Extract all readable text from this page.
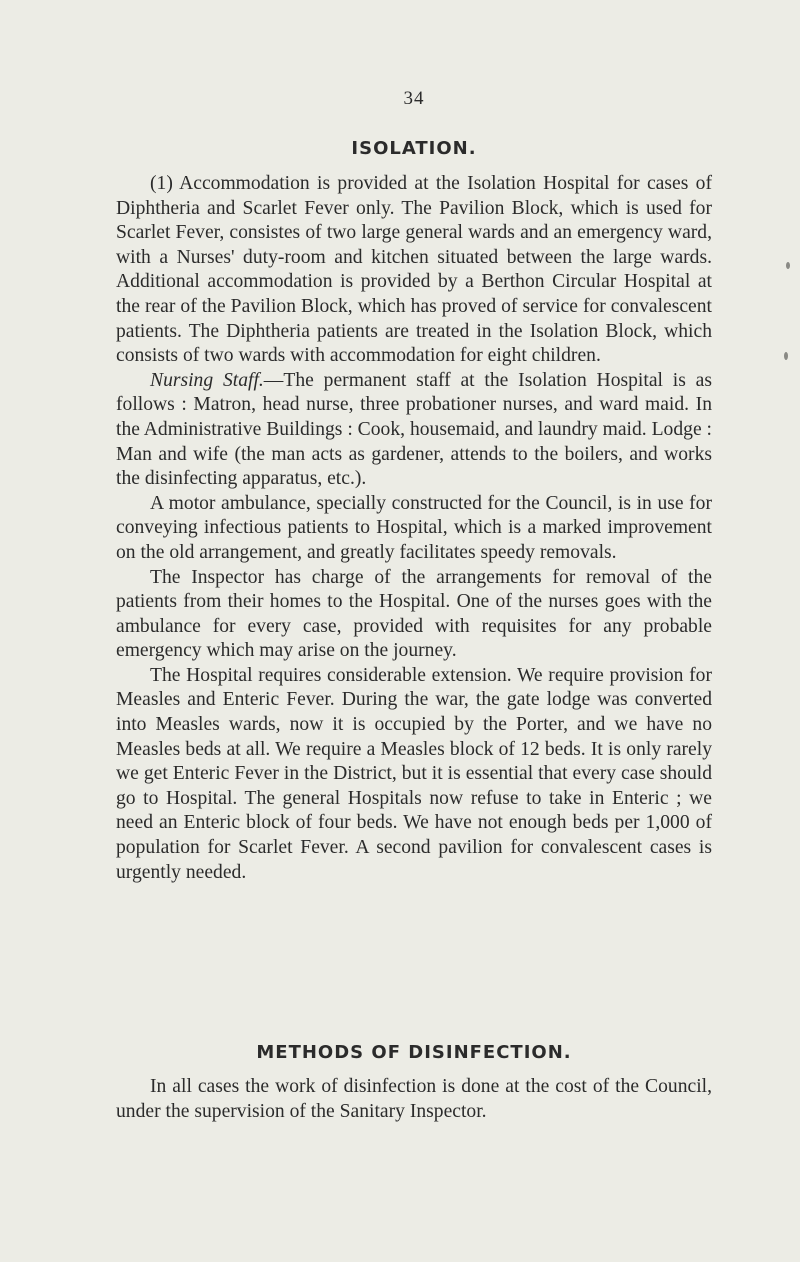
34

ISOLATION.

(1) Accommodation is provided at the Isolation Hospital for cases of Diphtheria and Scarlet Fever only. The Pavilion Block, which is used for Scarlet Fever, consistes of two large general wards and an emergency ward, with a Nurses' duty-room and kitchen situated between the large wards. Additional accommodation is provided by a Berthon Circular Hospital at the rear of the Pavilion Block, which has proved of service for convalescent patients. The Diphtheria patients are treated in the Isolation Block, which consists of two wards with accommodation for eight children.

Nursing Staff.—The permanent staff at the Isolation Hospital is as follows : Matron, head nurse, three probationer nurses, and ward maid. In the Administrative Buildings : Cook, housemaid, and laundry maid. Lodge : Man and wife (the man acts as gardener, attends to the boilers, and works the disinfecting apparatus, etc.).

A motor ambulance, specially constructed for the Council, is in use for conveying infectious patients to Hospital, which is a marked improvement on the old arrangement, and greatly facilitates speedy removals.

The Inspector has charge of the arrangements for removal of the patients from their homes to the Hospital. One of the nurses goes with the ambulance for every case, provided with requisites for any probable emergency which may arise on the journey.

The Hospital requires considerable extension. We require provision for Measles and Enteric Fever. During the war, the gate lodge was converted into Measles wards, now it is occupied by the Porter, and we have no Measles beds at all. We require a Measles block of 12 beds. It is only rarely we get Enteric Fever in the District, but it is essential that every case should go to Hospital. The general Hospitals now refuse to take in Enteric ; we need an Enteric block of four beds. We have not enough beds per 1,000 of population for Scarlet Fever. A second pavilion for convalescent cases is urgently needed.

METHODS OF DISINFECTION.

In all cases the work of disinfection is done at the cost of the Council, under the supervision of the Sanitary Inspector.
